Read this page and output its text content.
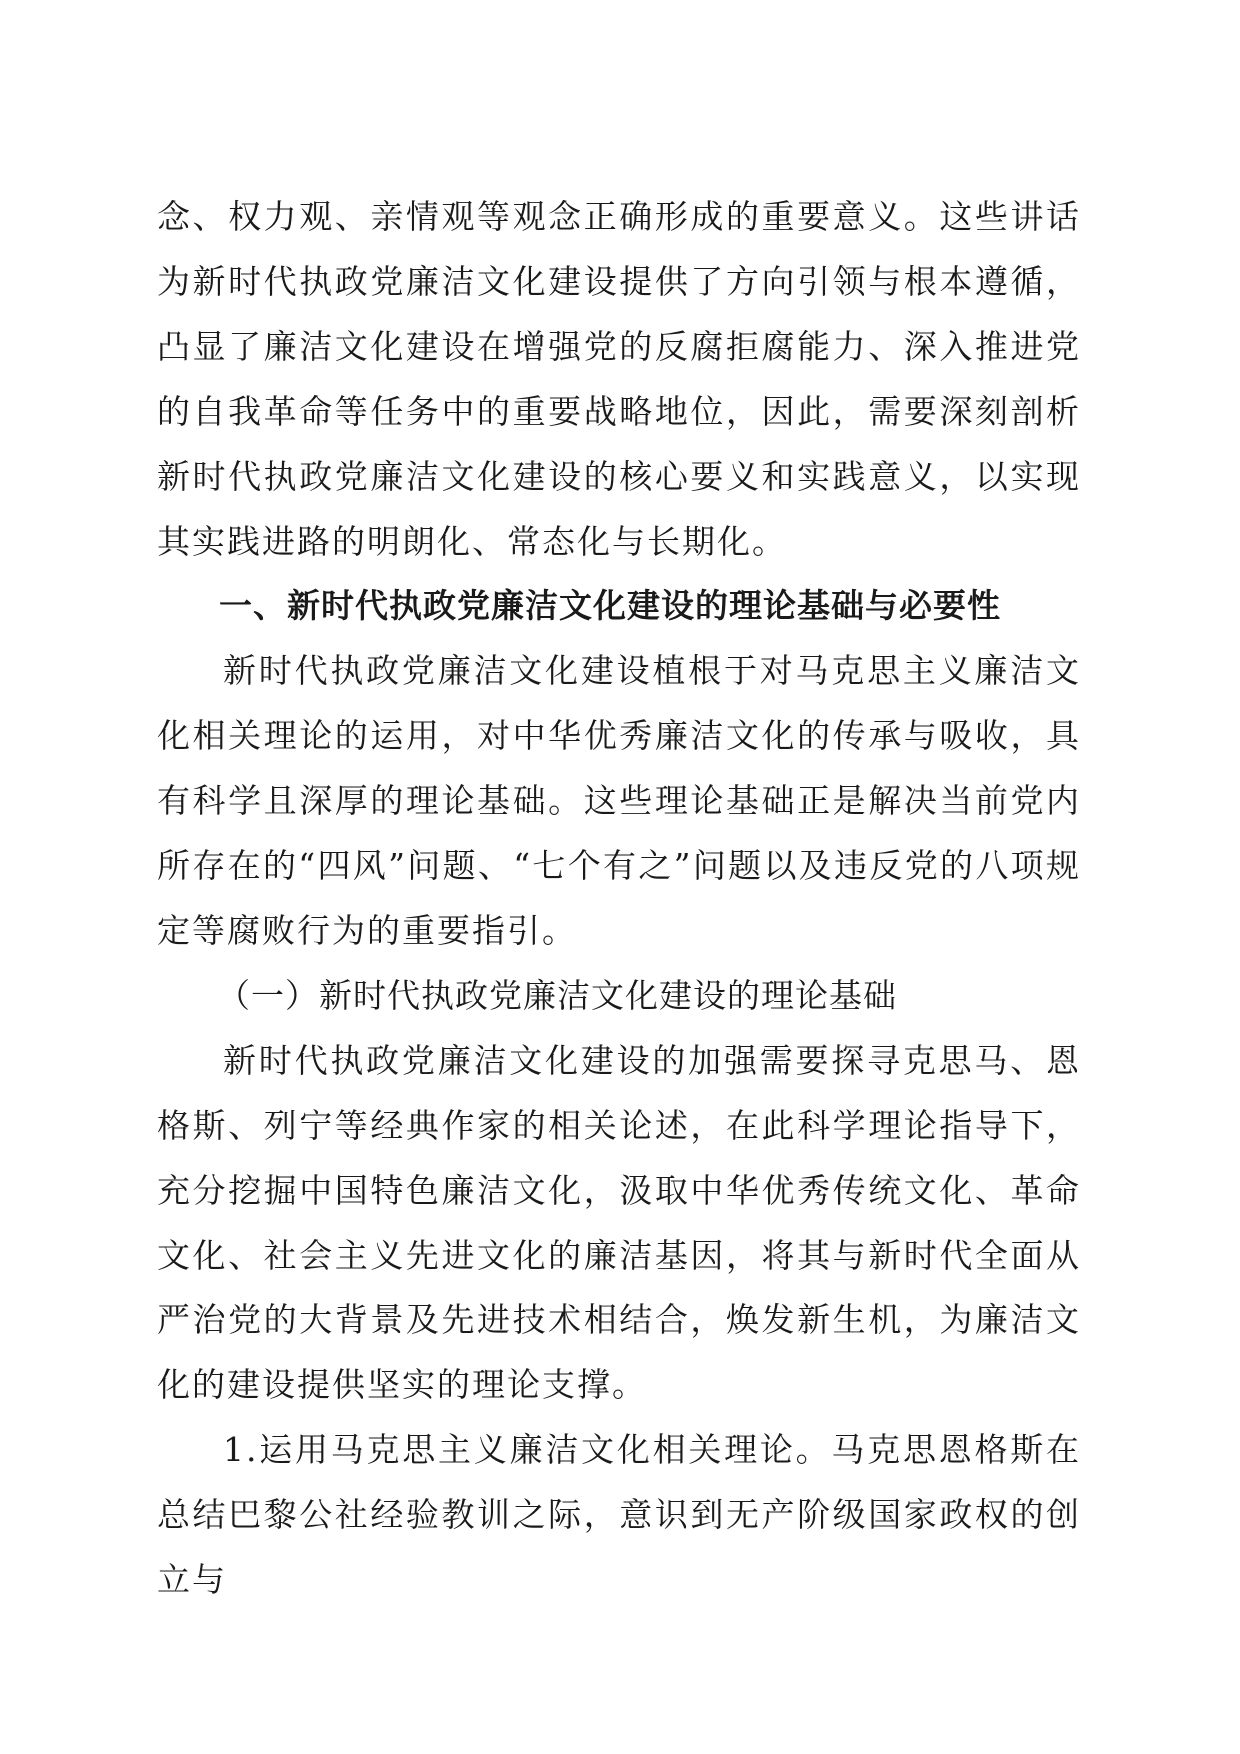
念、权力观、亲情观等观念正确形成的重要意义。这些讲话为新时代执政党廉洁文化建设提供了方向引领与根本遵循，凸显了廉洁文化建设在增强党的反腐拒腐能力、深入推进党的自我革命等任务中的重要战略地位，因此，需要深刻剖析新时代执政党廉洁文化建设的核心要义和实践意义，以实现其实践进路的明朗化、常态化与长期化。

一、新时代执政党廉洁文化建设的理论基础与必要性

新时代执政党廉洁文化建设植根于对马克思主义廉洁文化相关理论的运用，对中华优秀廉洁文化的传承与吸收，具有科学且深厚的理论基础。这些理论基础正是解决当前党内所存在的“四风”问题、“七个有之”问题以及违反党的八项规定等腐败行为的重要指引。

（一）新时代执政党廉洁文化建设的理论基础

新时代执政党廉洁文化建设的加强需要探寻克思马、恩格斯、列宁等经典作家的相关论述，在此科学理论指导下，充分挖掘中国特色廉洁文化，汲取中华优秀传统文化、革命文化、社会主义先进文化的廉洁基因，将其与新时代全面从严治党的大背景及先进技术相结合，焕发新生机，为廉洁文化的建设提供坚实的理论支撑。

1.运用马克思主义廉洁文化相关理论。马克思恩格斯在总结巴黎公社经验教训之际，意识到无产阶级国家政权的创立与
